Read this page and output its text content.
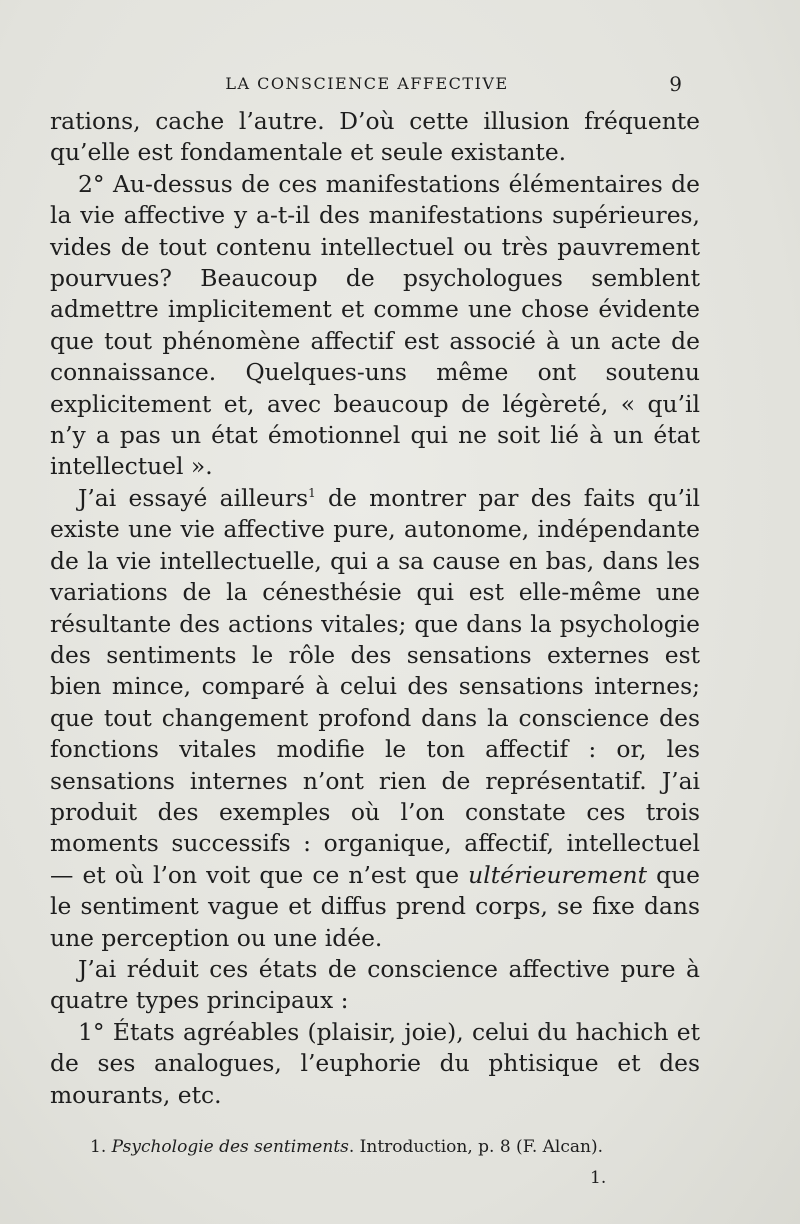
LA CONSCIENCE AFFECTIVE	9

rations, cache l’autre. D’où cette illusion fréquente qu’elle est fondamentale et seule existante.

2° Au-dessus de ces manifestations élémentaires de la vie affective y a-t-il des manifestations supérieures, vides de tout contenu intellectuel ou très pauvrement pourvues? Beaucoup de psychologues semblent admettre implicitement et comme une chose évidente que tout phénomène affectif est associé à un acte de connaissance. Quelques-uns même ont soutenu explicitement et, avec beaucoup de légèreté, « qu’il n’y a pas un état émotionnel qui ne soit lié à un état intellectuel ».

J’ai essayé ailleurs$^1$ de montrer par des faits qu’il existe une vie affective pure, autonome, indépendante de la vie intellectuelle, qui a sa cause en bas, dans les variations de la cénesthésie qui est elle-même une résultante des actions vitales; que dans la psychologie des sentiments le rôle des sensations externes est bien mince, comparé à celui des sensations internes; que tout changement profond dans la conscience des fonctions vitales modifie le ton affectif : or, les sensations internes n’ont rien de représentatif. J’ai produit des exemples où l’on constate ces trois moments successifs : organique, affectif, intellectuel — et où l’on voit que ce n’est que ultérieurement que le sentiment vague et diffus prend corps, se fixe dans une perception ou une idée.

J’ai réduit ces états de conscience affective pure à quatre types principaux :

1° États agréables (plaisir, joie), celui du hachich et de ses analogues, l’euphorie du phtisique et des mourants, etc.

1. Psychologie des sentiments. Introduction, p. 8 (F. Alcan).
1.
